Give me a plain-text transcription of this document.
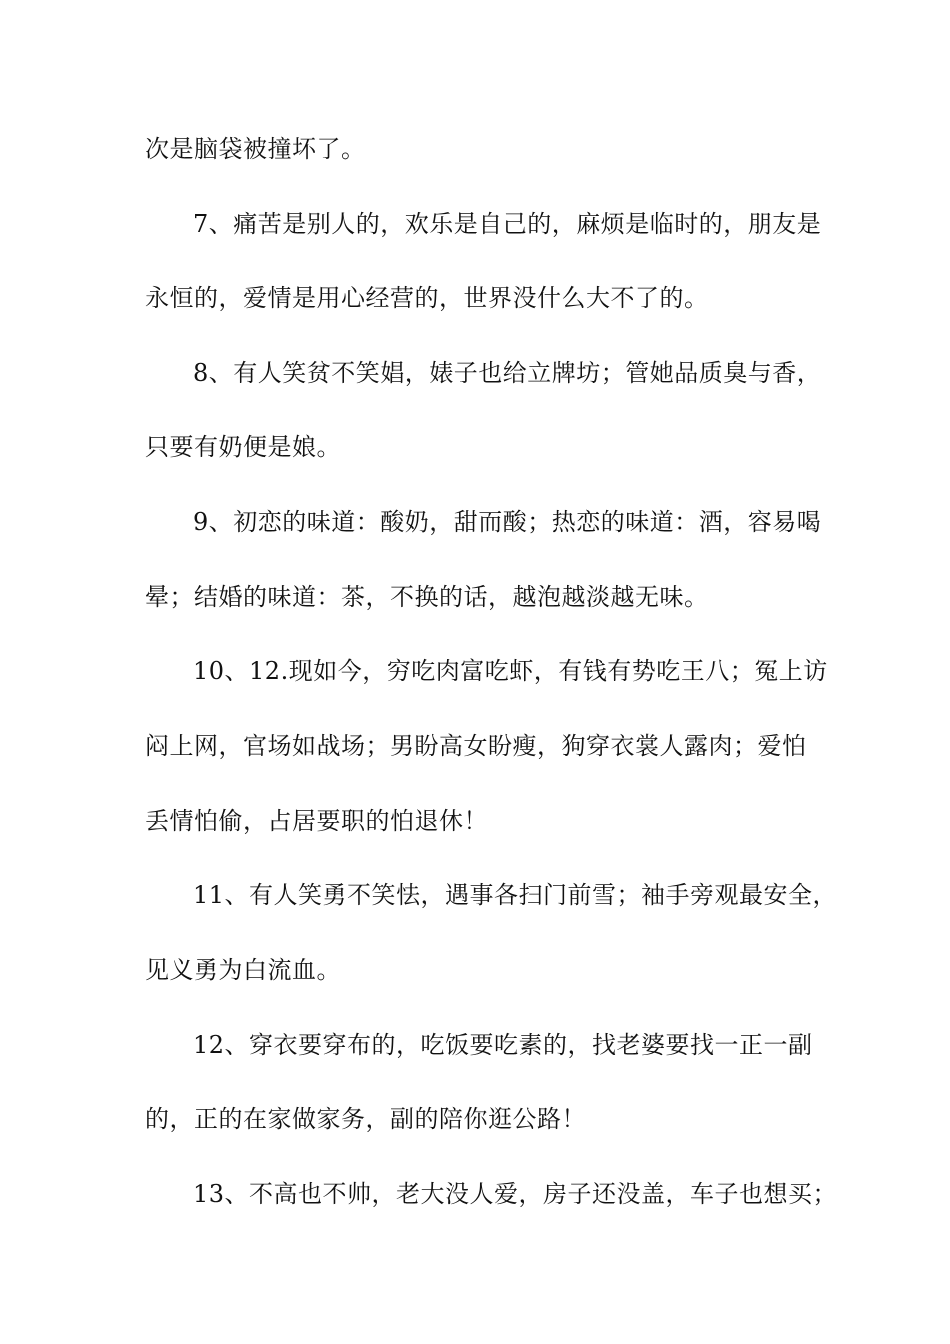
次是脑袋被撞坏了。
7、痛苦是别人的，欢乐是自己的，麻烦是临时的，朋友是
永恒的，爱情是用心经营的，世界没什么大不了的。
8、有人笑贫不笑娼，婊子也给立牌坊；管她品质臭与香，
只要有奶便是娘。
9、初恋的味道：酸奶，甜而酸；热恋的味道：酒，容易喝
晕；结婚的味道：茶，不换的话，越泡越淡越无味。
10、12.现如今，穷吃肉富吃虾，有钱有势吃王八；冤上访
闷上网，官场如战场；男盼高女盼瘦，狗穿衣裳人露肉；爱怕
丢情怕偷，占居要职的怕退休！
11、有人笑勇不笑怯，遇事各扫门前雪；袖手旁观最安全，
见义勇为白流血。
12、穿衣要穿布的，吃饭要吃素的，找老婆要找一正一副
的，正的在家做家务，副的陪你逛公路！
13、不高也不帅，老大没人爱，房子还没盖，车子也想买；
